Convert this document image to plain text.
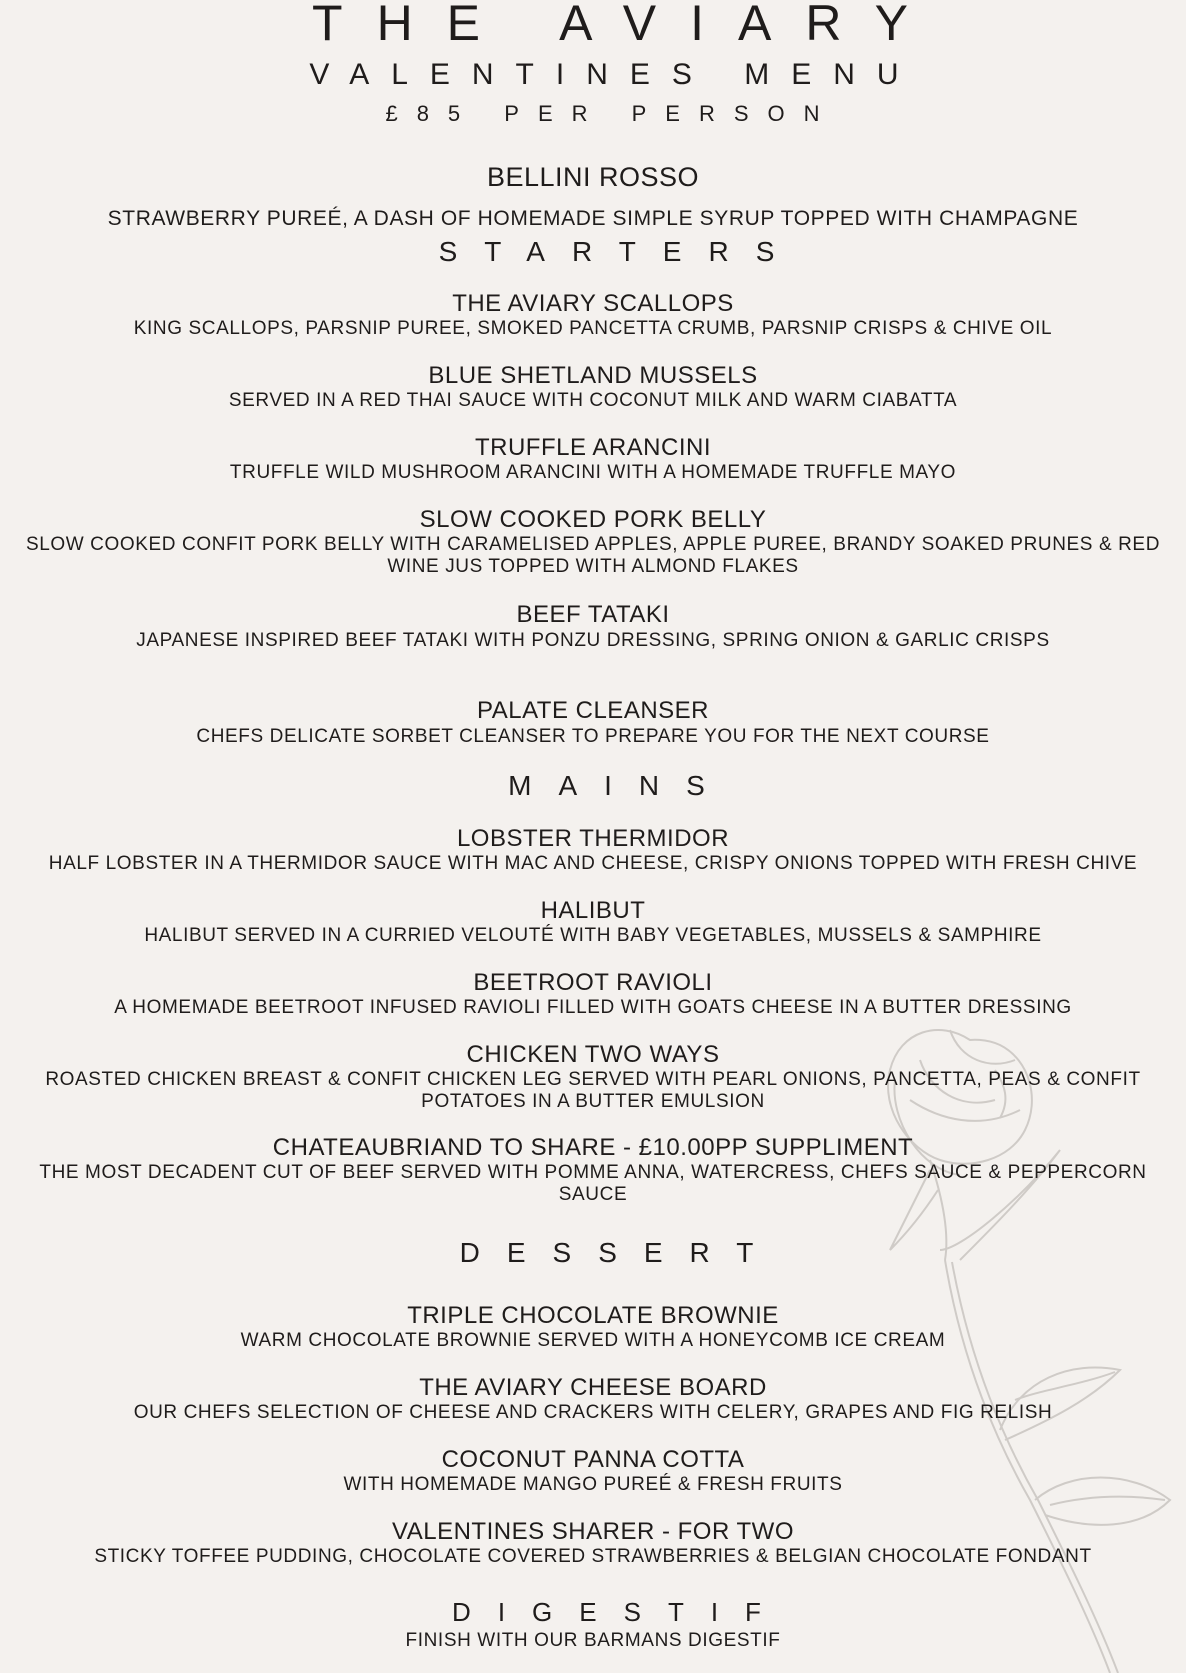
THE AVIARY
VALENTINES MENU
£85 PER PERSON
BELLINI ROSSO
STRAWBERRY PUREÉ, A DASH OF HOMEMADE SIMPLE SYRUP TOPPED WITH CHAMPAGNE
STARTERS
THE AVIARY SCALLOPS
KING SCALLOPS, PARSNIP PUREE, SMOKED PANCETTA CRUMB, PARSNIP CRISPS & CHIVE OIL
BLUE SHETLAND MUSSELS
SERVED IN A RED THAI SAUCE WITH COCONUT MILK AND WARM CIABATTA
TRUFFLE ARANCINI
TRUFFLE WILD MUSHROOM ARANCINI WITH A HOMEMADE TRUFFLE MAYO
SLOW COOKED PORK BELLY
SLOW COOKED CONFIT PORK BELLY WITH CARAMELISED APPLES, APPLE PUREE, BRANDY SOAKED PRUNES & RED WINE JUS TOPPED WITH ALMOND FLAKES
BEEF TATAKI
JAPANESE INSPIRED BEEF TATAKI WITH PONZU DRESSING, SPRING ONION & GARLIC CRISPS
PALATE CLEANSER
CHEFS DELICATE SORBET CLEANSER TO PREPARE YOU FOR THE NEXT COURSE
MAINS
LOBSTER THERMIDOR
HALF LOBSTER IN A THERMIDOR SAUCE WITH MAC AND CHEESE, CRISPY ONIONS TOPPED WITH FRESH CHIVE
HALIBUT
HALIBUT SERVED IN A CURRIED VELOUTÉ WITH BABY VEGETABLES, MUSSELS & SAMPHIRE
BEETROOT RAVIOLI
A HOMEMADE BEETROOT INFUSED RAVIOLI FILLED WITH GOATS CHEESE IN A BUTTER DRESSING
CHICKEN TWO WAYS
ROASTED CHICKEN BREAST & CONFIT CHICKEN LEG SERVED WITH PEARL ONIONS, PANCETTA, PEAS & CONFIT POTATOES IN A BUTTER EMULSION
CHATEAUBRIAND TO SHARE - £10.00PP SUPPLIMENT
THE MOST DECADENT CUT OF BEEF SERVED WITH POMME ANNA, WATERCRESS, CHEFS SAUCE & PEPPERCORN SAUCE
DESSERT
TRIPLE CHOCOLATE BROWNIE
WARM CHOCOLATE BROWNIE SERVED WITH A HONEYCOMB ICE CREAM
THE AVIARY CHEESE BOARD
OUR CHEFS SELECTION OF CHEESE AND CRACKERS WITH CELERY, GRAPES AND FIG RELISH
COCONUT PANNA COTTA
WITH HOMEMADE MANGO PUREÉ & FRESH FRUITS
VALENTINES SHARER - FOR TWO
STICKY TOFFEE PUDDING, CHOCOLATE COVERED STRAWBERRIES & BELGIAN CHOCOLATE FONDANT
DIGESTIF
FINISH WITH OUR BARMANS DIGESTIF
